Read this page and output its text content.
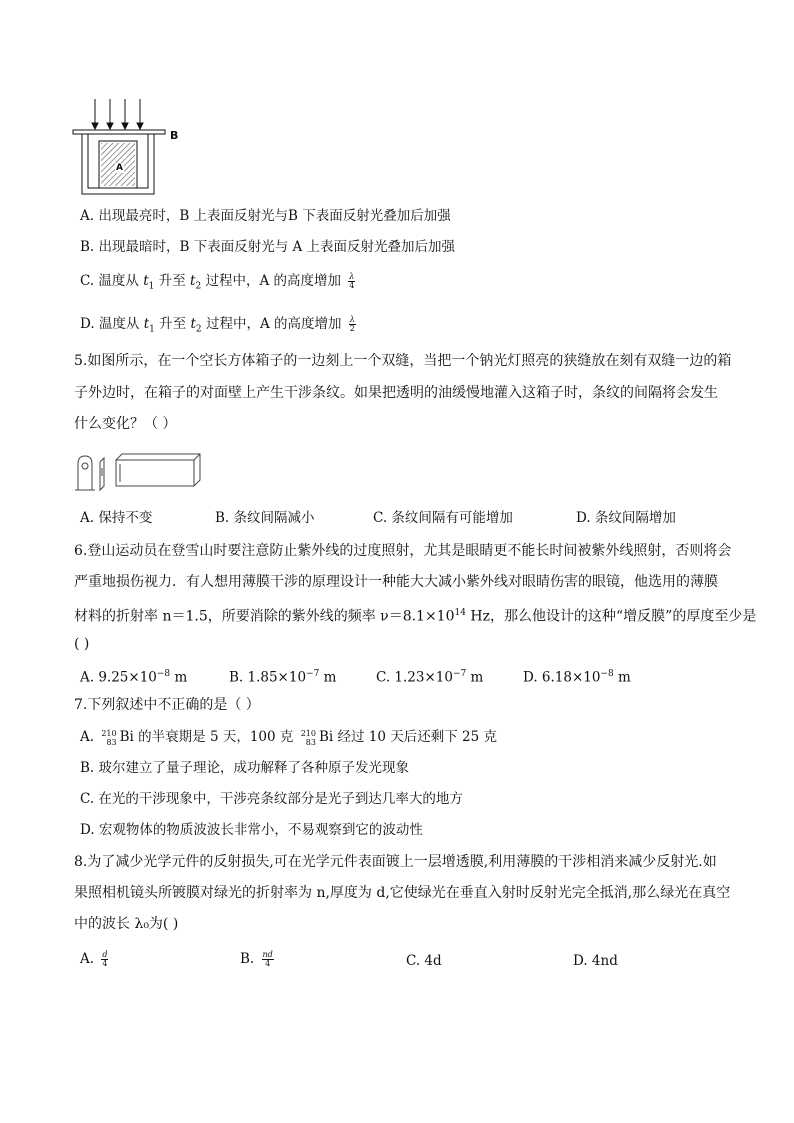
B
A
A. 出现最亮时，B 上表面反射光与B 下表面反射光叠加后加强
B. 出现最暗时，B 下表面反射光与 A 上表面反射光叠加后加强
C. 温度从 $t_1$ 升至 $t_2$ 过程中，A 的高度增加 $\frac{\lambda}{4}$
D. 温度从 $t_1$ 升至 $t_2$ 过程中，A 的高度增加 $\frac{\lambda}{2}$
5.如图所示，在一个空长方体箱子的一边刻上一个双缝，当把一个钠光灯照亮的狭缝放在刻有双缝一边的箱
子外边时，在箱子的对面壁上产生干涉条纹。如果把透明的油缓慢地灌入这箱子时，条纹的间隔将会发生
什么变化？（ ）
A. 保持不变	B. 条纹间隔减小	C. 条纹间隔有可能增加	D. 条纹间隔增加
6.登山运动员在登雪山时要注意防止紫外线的过度照射，尤其是眼睛更不能长时间被紫外线照射，否则将会
严重地损伤视力．有人想用薄膜干涉的原理设计一种能大大减小紫外线对眼睛伤害的眼镜，他选用的薄膜
材料的折射率 n＝1.5，所要消除的紫外线的频率 $\nu=8.1\times 10^{14}$ Hz，那么他设计的这种“增反膜”的厚度至少是
( )
A. $9.25\times 10^{-8}$ m	B. $1.85\times 10^{-7}$ m	C. $1.23\times 10^{-7}$ m	D. $6.18\times 10^{-8}$ m
7.下列叙述中不正确的是（ ）
A. 210
83 Bi 的半衰期是 5 天，100 克 210
83 Bi 经过 10 天后还剩下 25 克
B. 玻尔建立了量子理论，成功解释了各种原子发光现象
C. 在光的干涉现象中，干涉亮条纹部分是光子到达几率大的地方
D. 宏观物体的物质波波长非常小，不易观察到它的波动性
8.为了减少光学元件的反射损失,可在光学元件表面镀上一层增透膜,利用薄膜的干涉相消来减少反射光.如
果照相机镜头所镀膜对绿光的折射率为 n,厚度为 d,它使绿光在垂直入射时反射光完全抵消,那么绿光在真空
中的波长 λ₀为( )
A. $\frac{d}{4}$	B. $\frac{nd}{4}$	C. 4d	D. 4nd
